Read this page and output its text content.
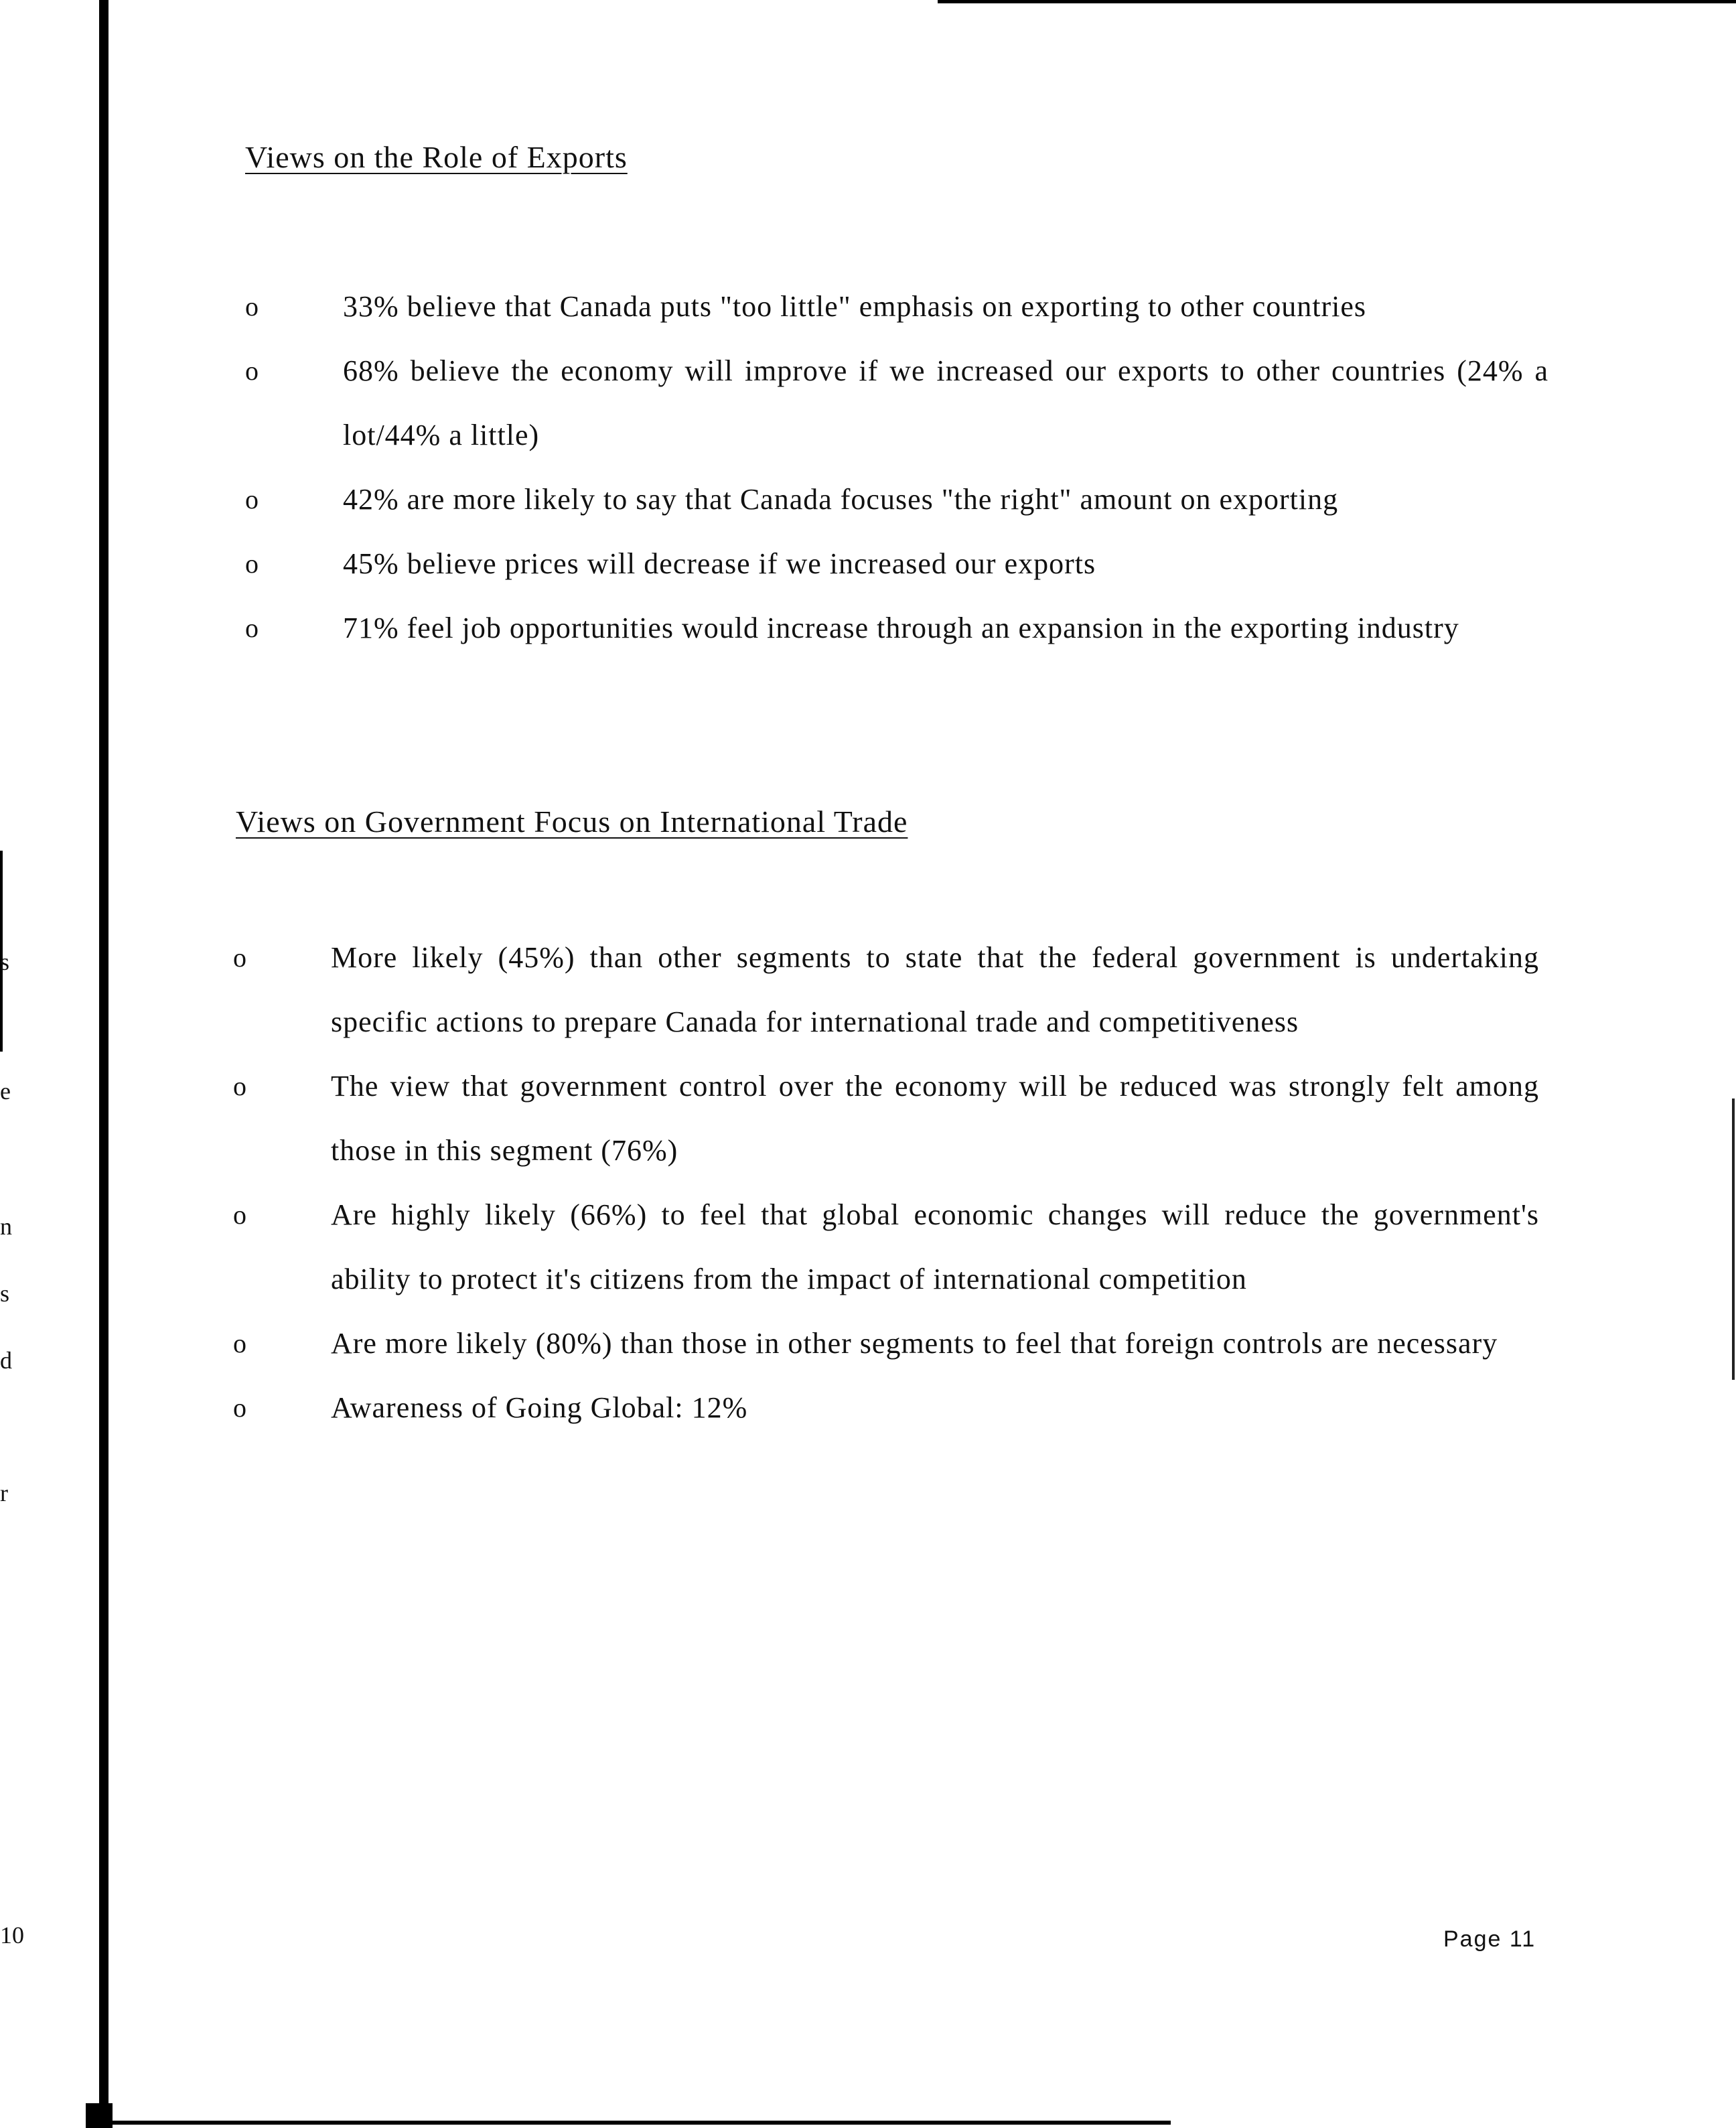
s
e
n
s
d
r
10
Views on the Role of Exports
o	33% believe that Canada puts "too little" emphasis on exporting to other countries
o	68% believe the economy will improve if we increased our exports to other countries (24% a lot/44% a little)
o	42% are more likely to say that Canada focuses "the right" amount on exporting
o	45% believe prices will decrease if we increased our exports
o	71% feel job opportunities would increase through an expansion in the exporting industry
Views on Government Focus on International Trade
o	More likely (45%) than other segments to state that the federal government is undertaking specific actions to prepare Canada for international trade and competitiveness
o	The view that government control over the economy will be reduced was strongly felt among those in this segment (76%)
o	Are highly likely (66%) to feel that global economic changes will reduce the government's ability to protect it's citizens from the impact of international competition
o	Are more likely (80%) than those in other segments to feel that foreign controls are necessary
o	Awareness of Going Global: 12%
Page 11
